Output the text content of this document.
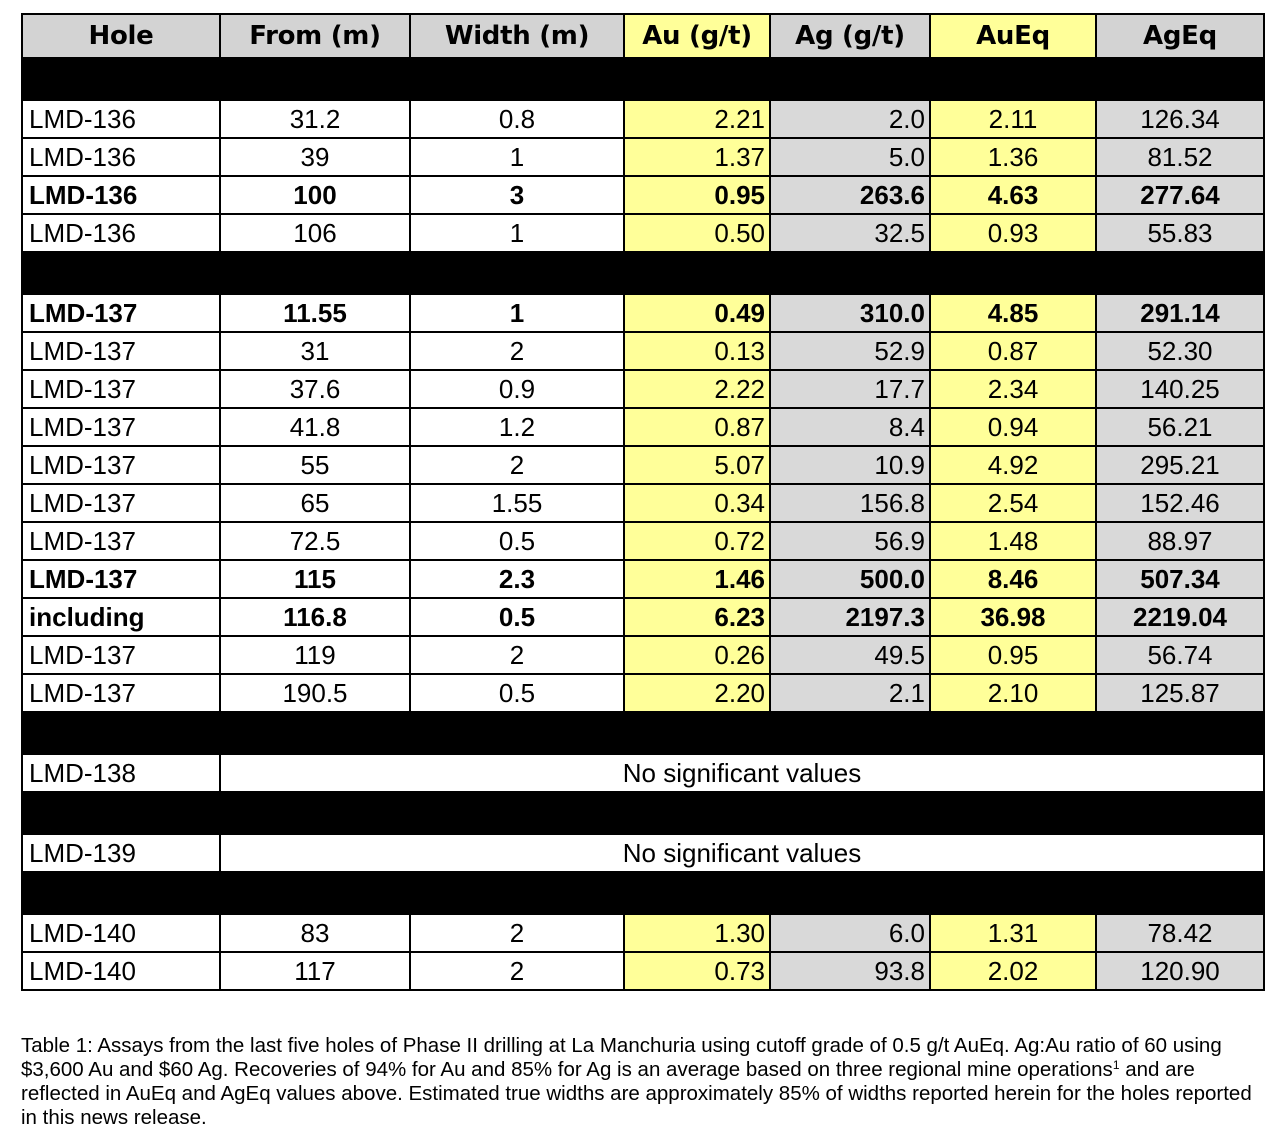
Hole	From (m)	Width (m)	Au (g/t)	Ag (g/t)	AuEq	AgEq

LMD-136	31.2	0.8	2.21	2.0	2.11	126.34
LMD-136	39	1	1.37	5.0	1.36	81.52
LMD-136	100	3	0.95	263.6	4.63	277.64
LMD-136	106	1	0.50	32.5	0.93	55.83

LMD-137	11.55	1	0.49	310.0	4.85	291.14
LMD-137	31	2	0.13	52.9	0.87	52.30
LMD-137	37.6	0.9	2.22	17.7	2.34	140.25
LMD-137	41.8	1.2	0.87	8.4	0.94	56.21
LMD-137	55	2	5.07	10.9	4.92	295.21
LMD-137	65	1.55	0.34	156.8	2.54	152.46
LMD-137	72.5	0.5	0.72	56.9	1.48	88.97
LMD-137	115	2.3	1.46	500.0	8.46	507.34
including	116.8	0.5	6.23	2197.3	36.98	2219.04
LMD-137	119	2	0.26	49.5	0.95	56.74
LMD-137	190.5	0.5	2.20	2.1	2.10	125.87

LMD-138	No significant values					

LMD-139	No significant values					

LMD-140	83	2	1.30	6.0	1.31	78.42
LMD-140	117	2	0.73	93.8	2.02	120.90
Table 1: Assays from the last five holes of Phase II drilling at La Manchuria using cutoff grade of 0.5 g/t AuEq. Ag:Au ratio of 60 using $3,600 Au and $60 Ag. Recoveries of 94% for Au and 85% for Ag is an average based on three regional mine operations$^1$ and are reflected in AuEq and AgEq values above. Estimated true widths are approximately 85% of widths reported herein for the holes reported in this news release.
